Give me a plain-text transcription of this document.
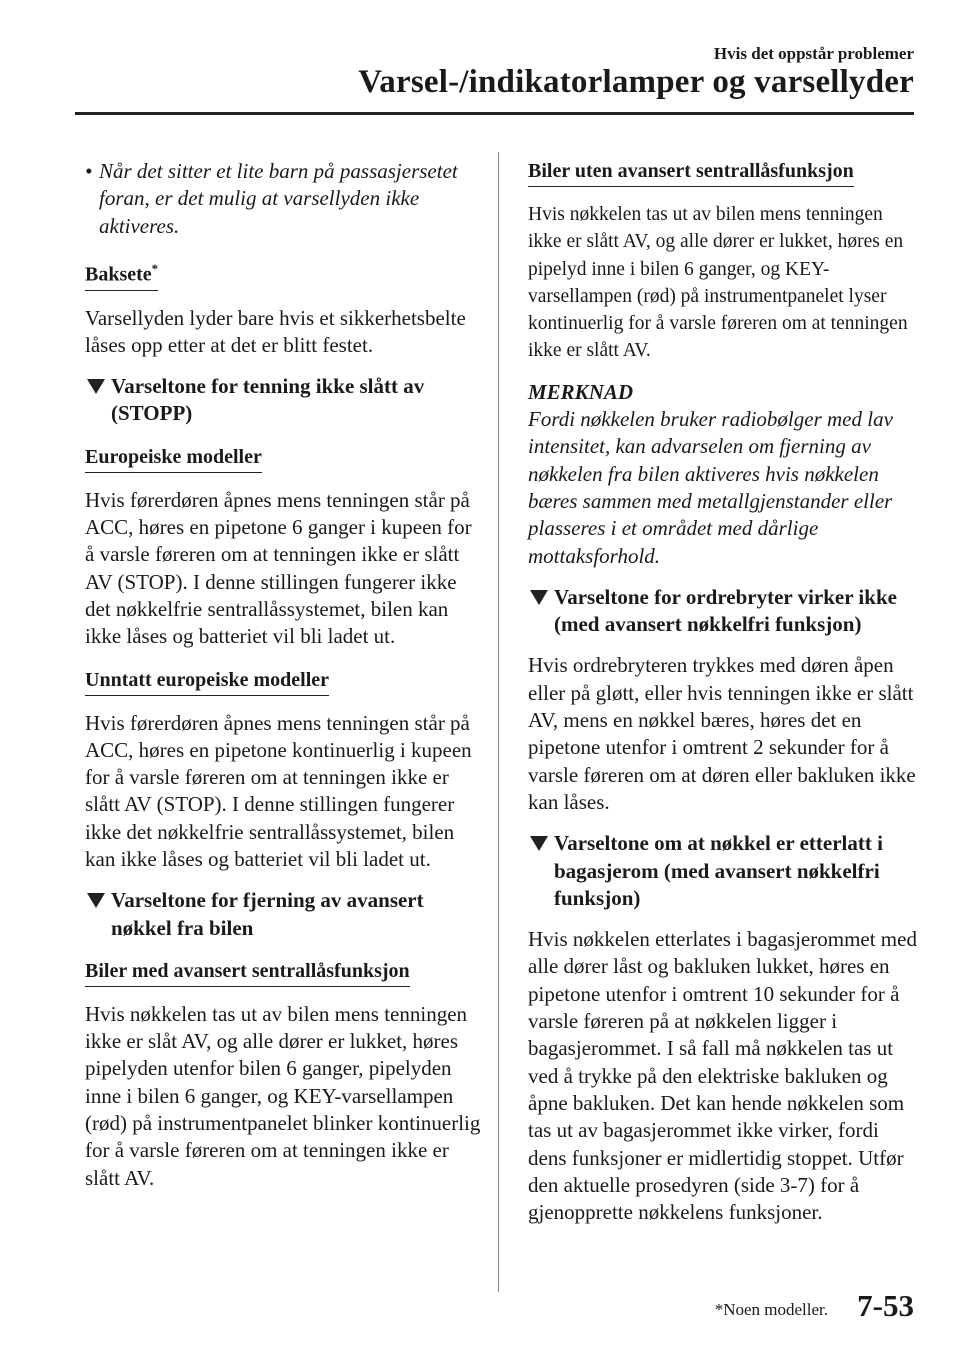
Hvis det oppstår problemer
Varsel-/indikatorlamper og varsellyder
• Når det sitter et lite barn på passasjersetet foran, er det mulig at varsellyden ikke aktiveres.
Baksete*

Varsellyden lyder bare hvis et sikkerhetsbelte låses opp etter at det er blitt festet.

Varseltone for tenning ikke slått av (STOPP)
Europeiske modeller

Hvis førerdøren åpnes mens tenningen står på ACC, høres en pipetone 6 ganger i kupeen for å varsle føreren om at tenningen ikke er slått AV (STOP). I denne stillingen fungerer ikke det nøkkelfrie sentrallåssystemet, bilen kan ikke låses og batteriet vil bli ladet ut.

Unntatt europeiske modeller

Hvis førerdøren åpnes mens tenningen står på ACC, høres en pipetone kontinuerlig i kupeen for å varsle føreren om at tenningen ikke er slått AV (STOP). I denne stillingen fungerer ikke det nøkkelfrie sentrallåssystemet, bilen kan ikke låses og batteriet vil bli ladet ut.

Varseltone for fjerning av avansert nøkkel fra bilen
Biler med avansert sentrallåsfunksjon

Hvis nøkkelen tas ut av bilen mens tenningen ikke er slåt AV, og alle dører er lukket, høres pipelyden utenfor bilen 6 ganger, pipelyden inne i bilen 6 ganger, og KEY-varsellampen (rød) på instrumentpanelet blinker kontinuerlig for å varsle føreren om at tenningen ikke er slått AV.

Biler uten avansert sentrallåsfunksjon

Hvis nøkkelen tas ut av bilen mens tenningen ikke er slått AV, og alle dører er lukket, høres en pipelyd inne i bilen 6 ganger, og KEY-varsellampen (rød) på instrumentpanelet lyser kontinuerlig for å varsle føreren om at tenningen ikke er slått AV.

MERKNAD

Fordi nøkkelen bruker radiobølger med lav intensitet, kan advarselen om fjerning av nøkkelen fra bilen aktiveres hvis nøkkelen bæres sammen med metallgjenstander eller plasseres i et området med dårlige mottaksforhold.

Varseltone for ordrebryter virker ikke (med avansert nøkkelfri funksjon)

Hvis ordrebryteren trykkes med døren åpen eller på gløtt, eller hvis tenningen ikke er slått AV, mens en nøkkel bæres, høres det en pipetone utenfor i omtrent 2 sekunder for å varsle føreren om at døren eller bakluken ikke kan låses.

Varseltone om at nøkkel er etterlatt i bagasjerom (med avansert nøkkelfri funksjon)

Hvis nøkkelen etterlates i bagasjerommet med alle dører låst og bakluken lukket, høres en pipetone utenfor i omtrent 10 sekunder for å varsle føreren på at nøkkelen ligger i bagasjerommet. I så fall må nøkkelen tas ut ved å trykke på den elektriske bakluken og åpne bakluken. Det kan hende nøkkelen som tas ut av bagasjerommet ikke virker, fordi dens funksjoner er midlertidig stoppet. Utfør den aktuelle prosedyren (side 3-7) for å gjenopprette nøkkelens funksjoner.

*Noen modeller. 7-53
